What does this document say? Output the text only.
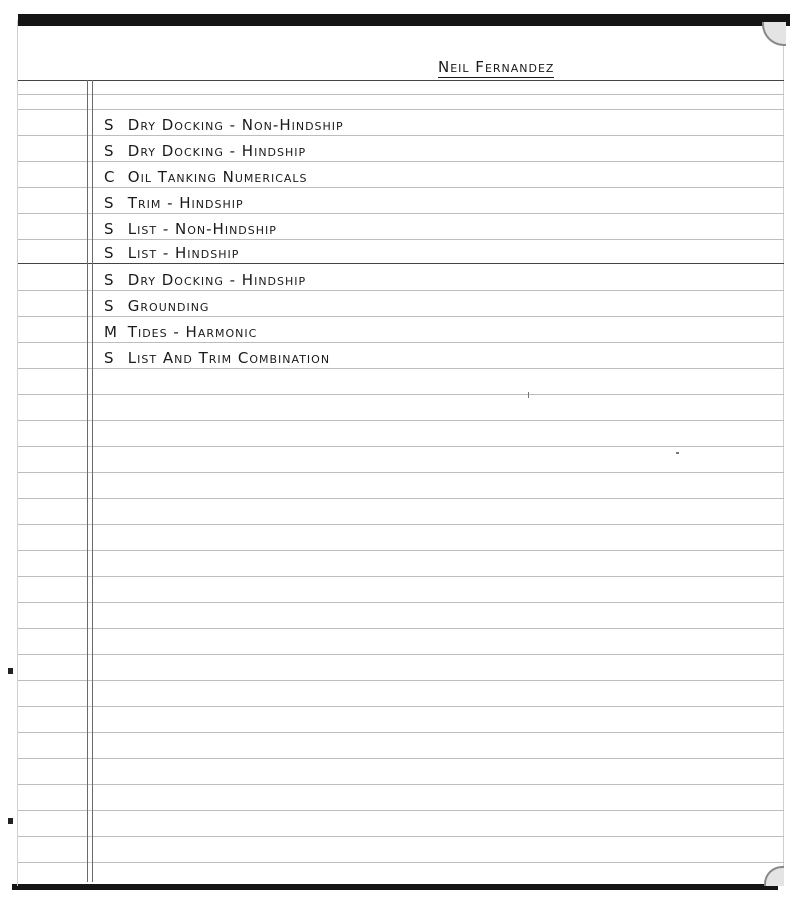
Neil Fernandez
S Dry Docking - Non-Hindship
S Dry Docking - Hindship
C Oil Tanking Numericals
S Trim - Hindship
S List - Non-Hindship
S List - Hindship
S Dry Docking - Hindship
S Grounding
M Tides - Harmonic
S List And Trim Combination
